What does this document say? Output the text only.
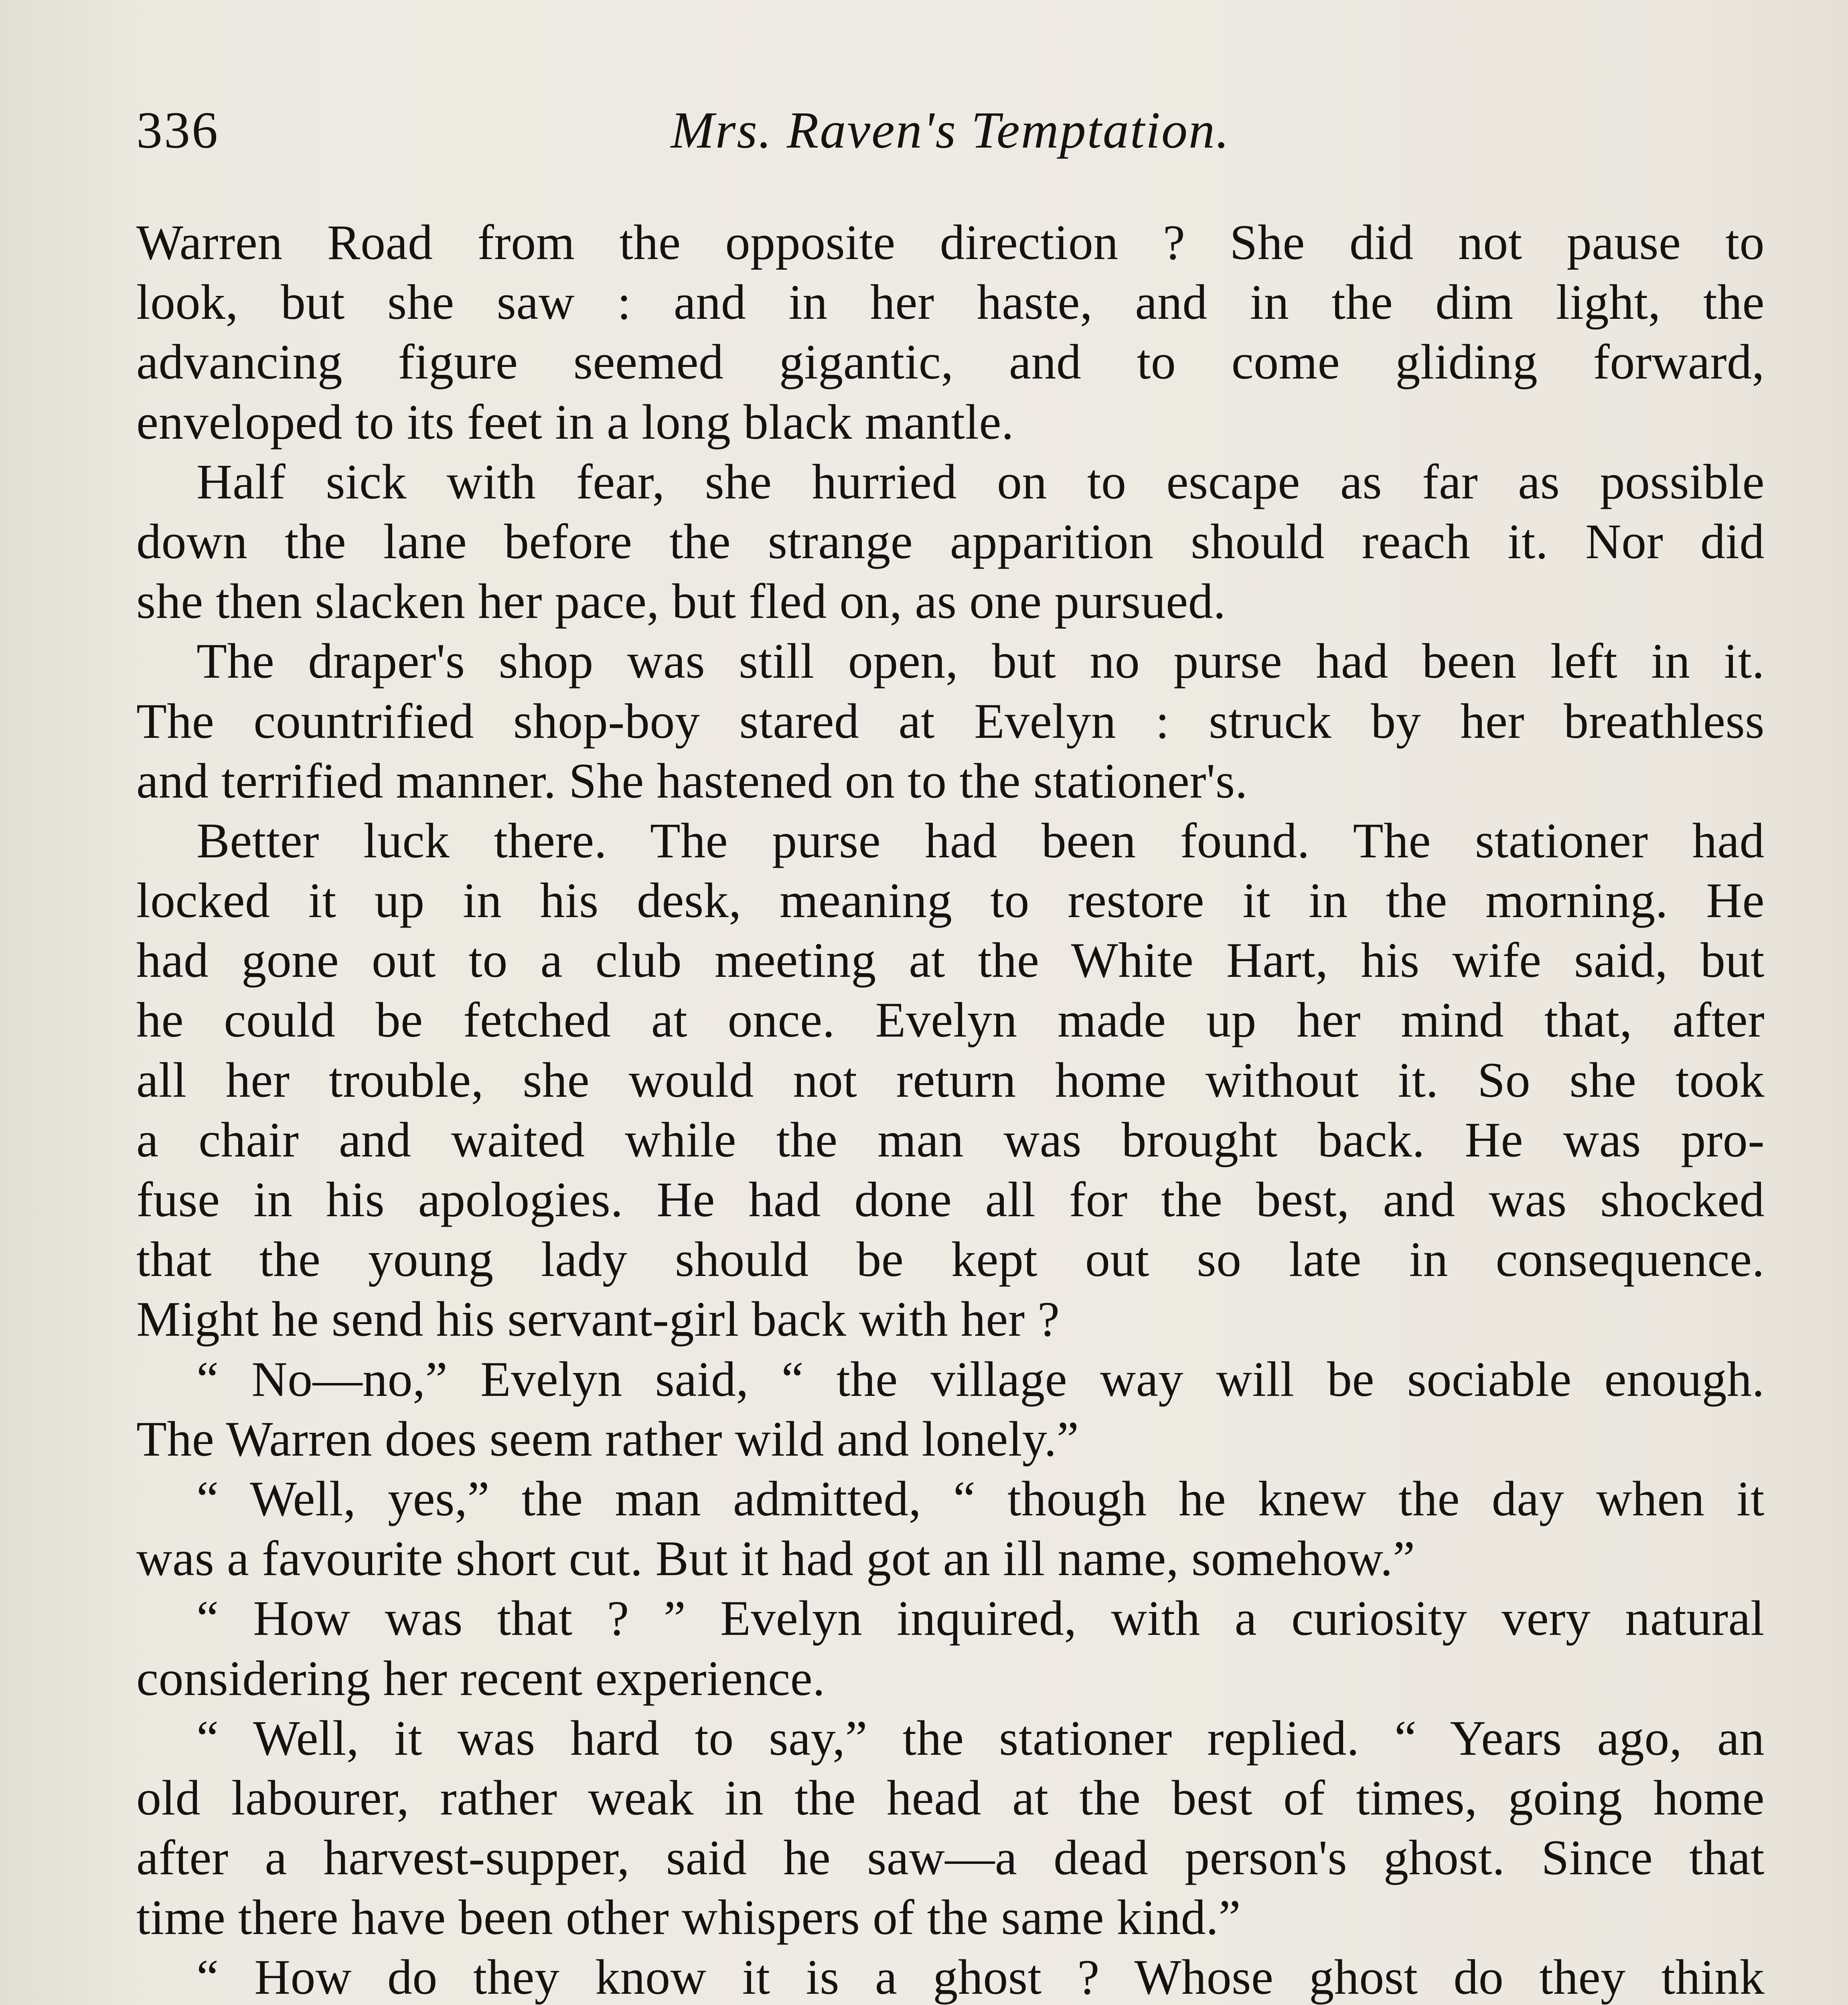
336	Mrs. Raven's Temptation.
Warren Road from the opposite direction ? She did not pause to
look, but she saw : and in her haste, and in the dim light, the
advancing figure seemed gigantic, and to come gliding forward,
enveloped to its feet in a long black mantle.
Half sick with fear, she hurried on to escape as far as possible
down the lane before the strange apparition should reach it. Nor did
she then slacken her pace, but fled on, as one pursued.
The draper's shop was still open, but no purse had been left in it.
The countrified shop-boy stared at Evelyn : struck by her breathless
and terrified manner. She hastened on to the stationer's.
Better luck there. The purse had been found. The stationer had
locked it up in his desk, meaning to restore it in the morning. He
had gone out to a club meeting at the White Hart, his wife said, but
he could be fetched at once. Evelyn made up her mind that, after
all her trouble, she would not return home without it. So she took
a chair and waited while the man was brought back. He was pro-
fuse in his apologies. He had done all for the best, and was shocked
that the young lady should be kept out so late in consequence.
Might he send his servant-girl back with her ?
“ No—no,” Evelyn said, “ the village way will be sociable enough.
The Warren does seem rather wild and lonely.”
“ Well, yes,” the man admitted, “ though he knew the day when it
was a favourite short cut. But it had got an ill name, somehow.”
“ How was that ? ” Evelyn inquired, with a curiosity very natural
considering her recent experience.
“ Well, it was hard to say,” the stationer replied. “ Years ago, an
old labourer, rather weak in the head at the best of times, going home
after a harvest-supper, said he saw—a dead person's ghost. Since that
time there have been other whispers of the same kind.”
“ How do they know it is a ghost ? Whose ghost do they think
